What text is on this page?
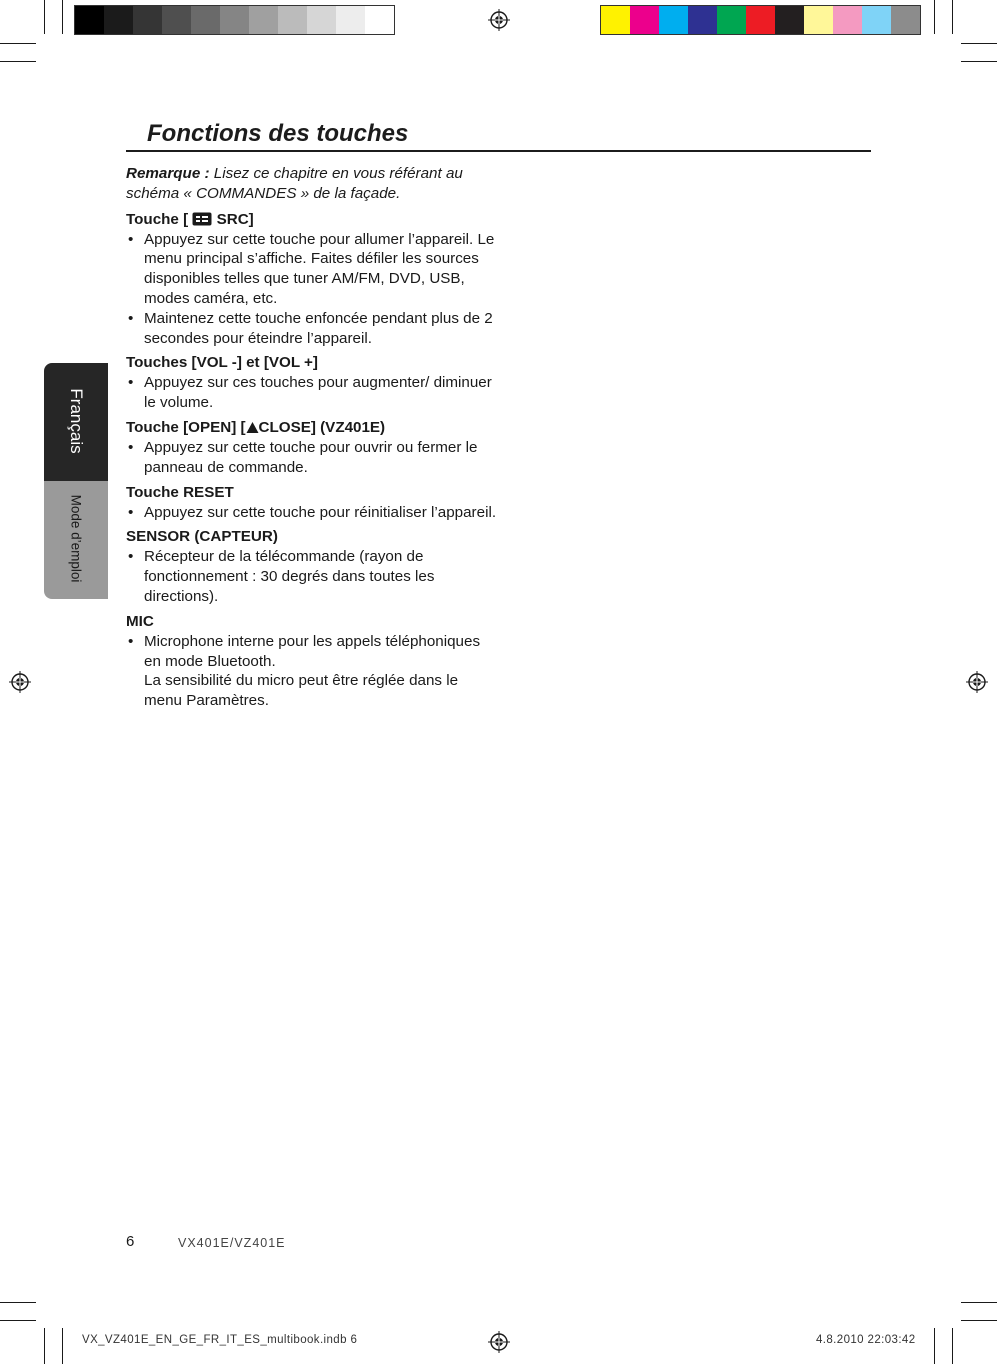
Fonctions des touches
Français
Mode d’emploi

Remarque : Lisez ce chapitre en vous référant au schéma « COMMANDES » de la façade.

Touche [  SRC]
• Appuyez sur cette touche pour allumer l’appareil. Le menu principal s’affiche. Faites défiler les sources disponibles telles que tuner AM/FM, DVD, USB, modes caméra, etc.
• Maintenez cette touche enfoncée pendant plus de 2 secondes pour éteindre l’appareil.
Touches [VOL -] et [VOL +]
• Appuyez sur ces touches pour augmenter/ diminuer le volume.
Touche [OPEN] [ CLOSE] (VZ401E)
• Appuyez sur cette touche pour ouvrir ou fermer le panneau de commande.
Touche RESET
• Appuyez sur cette touche pour réinitialiser l’appareil.
SENSOR (CAPTEUR)
• Récepteur de la télécommande (rayon de fonctionnement : 30 degrés dans toutes les directions).
MIC
• Microphone interne pour les appels téléphoniques en mode Bluetooth.
La sensibilité du micro peut être réglée dans le menu Paramètres.
6	VX401E/VZ401E
VX_VZ401E_EN_GE_FR_IT_ES_multibook.indb 6	4.8.2010 22:03:42
